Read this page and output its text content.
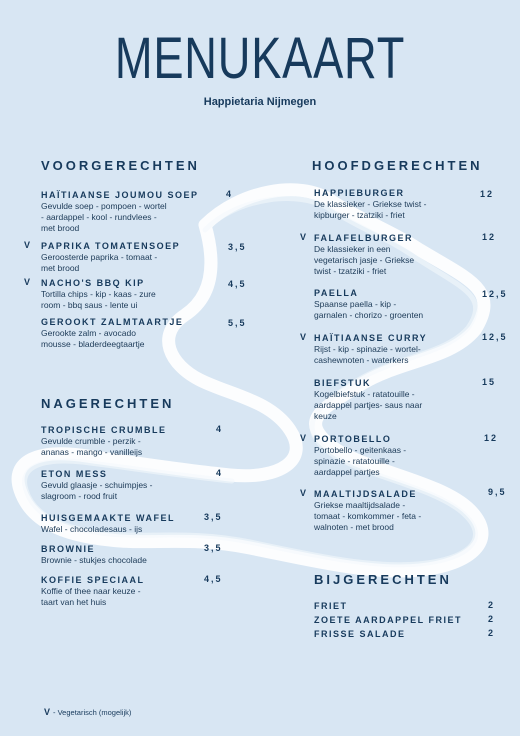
MENUKAART
Happietaria Nijmegen
VOORGERECHTEN
HAÏTIAANSE JOUMOU SOEP
Gevulde soep - pompoen - wortel
- aardappel - kool - rundvlees -
met brood
4
V PAPRIKA TOMATENSOEP
Geroosterde paprika - tomaat -
met brood
3,5
V NACHO'S BBQ KIP
Tortilla chips - kip - kaas - zure
room - bbq saus - lente ui
4,5
GEROOKT ZALMTAARTJE
Gerookte zalm - avocado
mousse - bladerdeegtaartje
5,5
NAGERECHTEN
TROPISCHE CRUMBLE
Gevulde crumble - perzik -
ananas - mango - vanilleijs
4
ETON MESS
Gevuld glaasje - schuimpjes -
slagroom - rood fruit
4
HUISGEMAAKTE WAFEL
Wafel - chocoladesaus - ijs
3,5
BROWNIE
Brownie - stukjes chocolade
3,5
KOFFIE SPECIAAL
Koffie of thee naar keuze -
taart van het huis
4,5
HOOFDGERECHTEN
HAPPIEBURGER
De klassieker - Griekse twist -
kipburger - tzatziki - friet
12
V FALAFELBURGER
De klassieker in een
vegetarisch jasje - Griekse
twist - tzatziki - friet
12
PAELLA
Spaanse paella - kip -
garnalen - chorizo - groenten
12,5
V HAÏTIAANSE CURRY
Rijst - kip - spinazie - wortel-
cashewnoten - waterkers
12,5
BIEFSTUK
Kogelbiefstuk - ratatouille -
aardappel partjes- saus naar
keuze
15
V PORTOBELLO
Portobello - geitenkaas -
spinazie - ratatouille -
aardappel partjes
12
V MAALTIJDSALADE
Griekse maaltijdsalade -
tomaat - komkommer - feta -
walnoten - met brood
9,5
BIJGERECHTEN
FRIET	2
ZOETE AARDAPPEL FRIET	2
FRISSE SALADE	2
V - Vegetarisch (mogelijk)
